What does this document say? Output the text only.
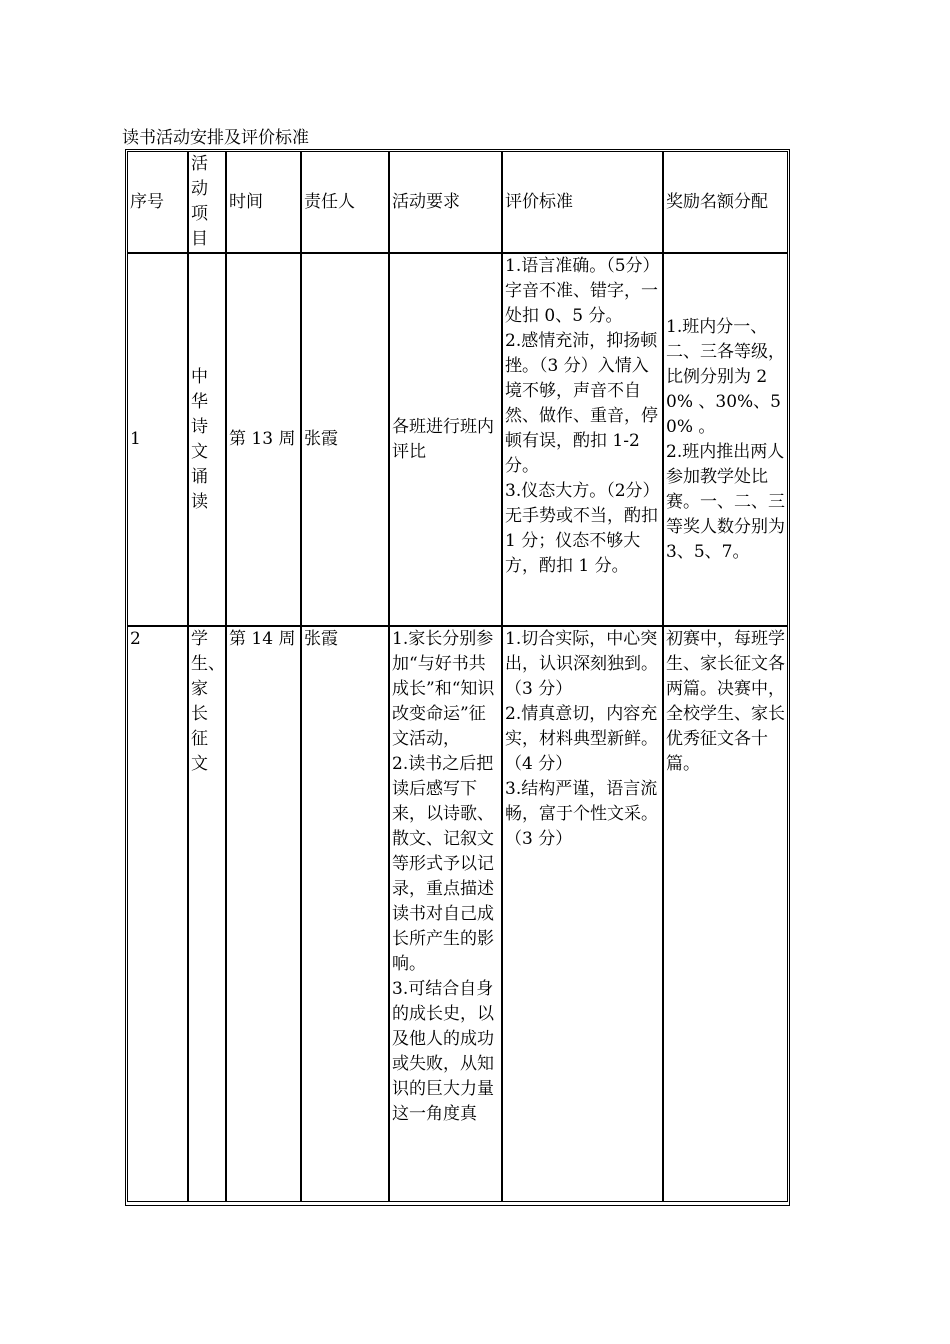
读书活动安排及评价标准
序号	活动项目	时间	责任人	活动要求	评价标准	奖励名额分配
1	中华诗文诵读	第 13 周	张霞	各班进行班内评比	1.语言准确。（5分）字音不准、错字，一处扣 0、5 分。
2.感情充沛，抑扬顿挫。（3 分）入情入境不够，声音不自然、做作、重音，停顿有误，酌扣 1-2 分。
3.仪态大方。（2分）无手势或不当，酌扣 1 分；仪态不够大方，酌扣 1 分。	1.班内分一、二、三各等级，比例分别为 20% 、30%、50% 。
2.班内推出两人参加教学处比赛。一、二、三等奖人数分别为 3、5、7。

2	学生、家长征文	第 14 周	张霞	1.家长分别参加“与好书共成长”和“知识改变命运”征文活动，
2.读书之后把读后感写下来，以诗歌、散文、记叙文等形式予以记录，重点描述读书对自己成长所产生的影响。
3.可结合自身的成长史，以及他人的成功或失败，从知识的巨大力量这一角度真	1.切合实际，中心突出，认识深刻独到。（3 分）
2.情真意切，内容充实，材料典型新鲜。（4 分）
3.结构严谨，语言流畅，富于个性文采。（3 分）	初赛中，每班学生、家长征文各两篇。决赛中，全校学生、家长优秀征文各十篇。
